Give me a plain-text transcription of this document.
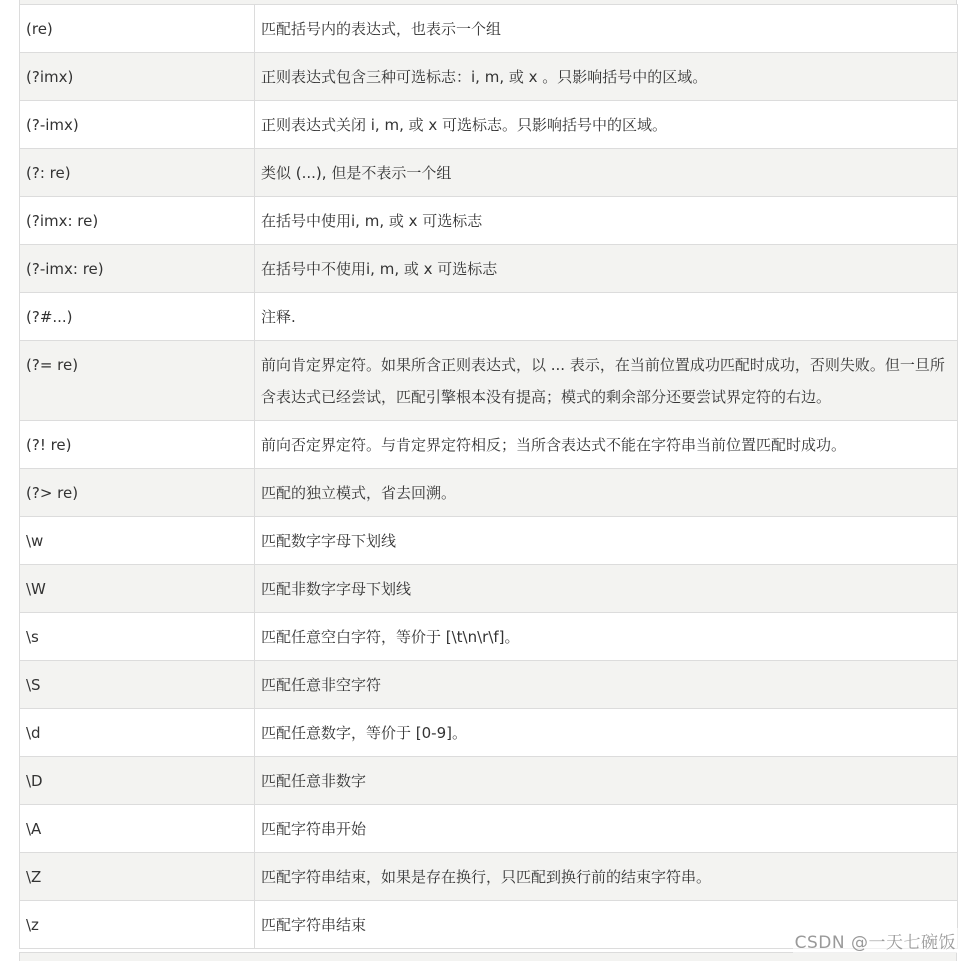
(re)	匹配括号内的表达式，也表示一个组
(?imx)	正则表达式包含三种可选标志：i, m, 或 x 。只影响括号中的区域。
(?-imx)	正则表达式关闭 i, m, 或 x 可选标志。只影响括号中的区域。
(?: re)	类似 (...), 但是不表示一个组
(?imx: re)	在括号中使用i, m, 或 x 可选标志
(?-imx: re)	在括号中不使用i, m, 或 x 可选标志
(?#...)	注释.
(?= re)	前向肯定界定符。如果所含正则表达式，以 ... 表示，在当前位置成功匹配时成功，否则失败。但一旦所含表达式已经尝试，匹配引擎根本没有提高；模式的剩余部分还要尝试界定符的右边。
(?! re)	前向否定界定符。与肯定界定符相反；当所含表达式不能在字符串当前位置匹配时成功。
(?> re)	匹配的独立模式，省去回溯。
\w	匹配数字字母下划线
\W	匹配非数字字母下划线
\s	匹配任意空白字符，等价于 [\t\n\r\f]。
\S	匹配任意非空字符
\d	匹配任意数字，等价于 [0-9]。
\D	匹配任意非数字
\A	匹配字符串开始
\Z	匹配字符串结束，如果是存在换行，只匹配到换行前的结束字符串。
\z	匹配字符串结束
CSDN @一天七碗饭
